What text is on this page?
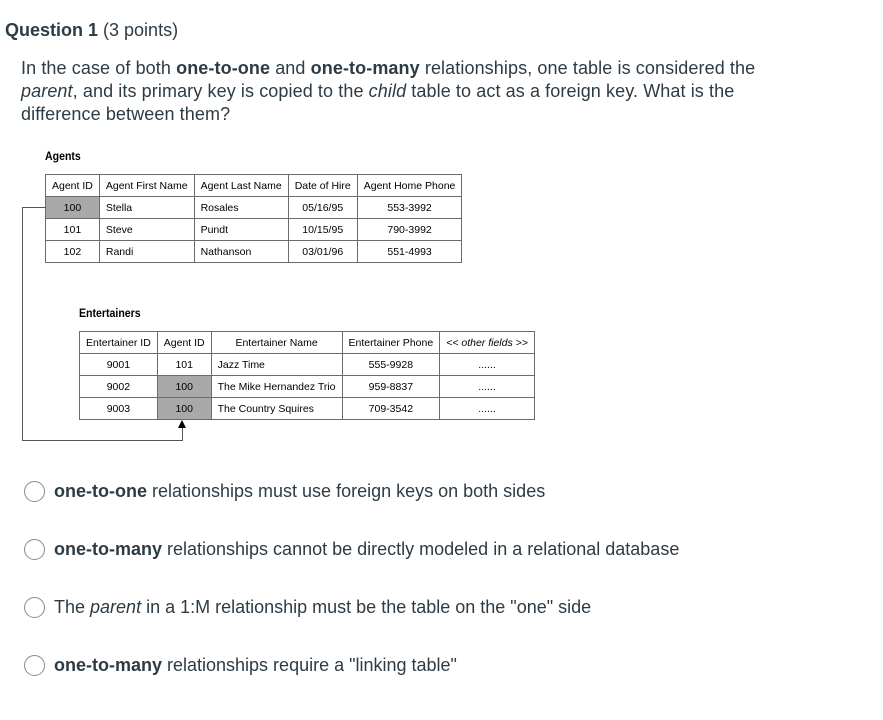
Question 1 (3 points)
In the case of both one-to-one and one-to-many relationships, one table is considered the parent, and its primary key is copied to the child table to act as a foreign key. What is the difference between them?
Agents
Agent ID	Agent First Name	Agent Last Name	Date of Hire	Agent Home Phone
100	Stella	Rosales	05/16/95	553-3992
101	Steve	Pundt	10/15/95	790-3992
102	Randi	Nathanson	03/01/96	551-4993
Entertainers
Entertainer ID	Agent ID	Entertainer Name	Entertainer Phone	<< other fields >>
9001	101	Jazz Time	555-9928	......
9002	100	The Mike Hernandez Trio	959-8837	......
9003	100	The Country Squires	709-3542	......
one-to-one relationships must use foreign keys on both sides
one-to-many relationships cannot be directly modeled in a relational database
The parent in a 1:M relationship must be the table on the "one" side
one-to-many relationships require a "linking table"
